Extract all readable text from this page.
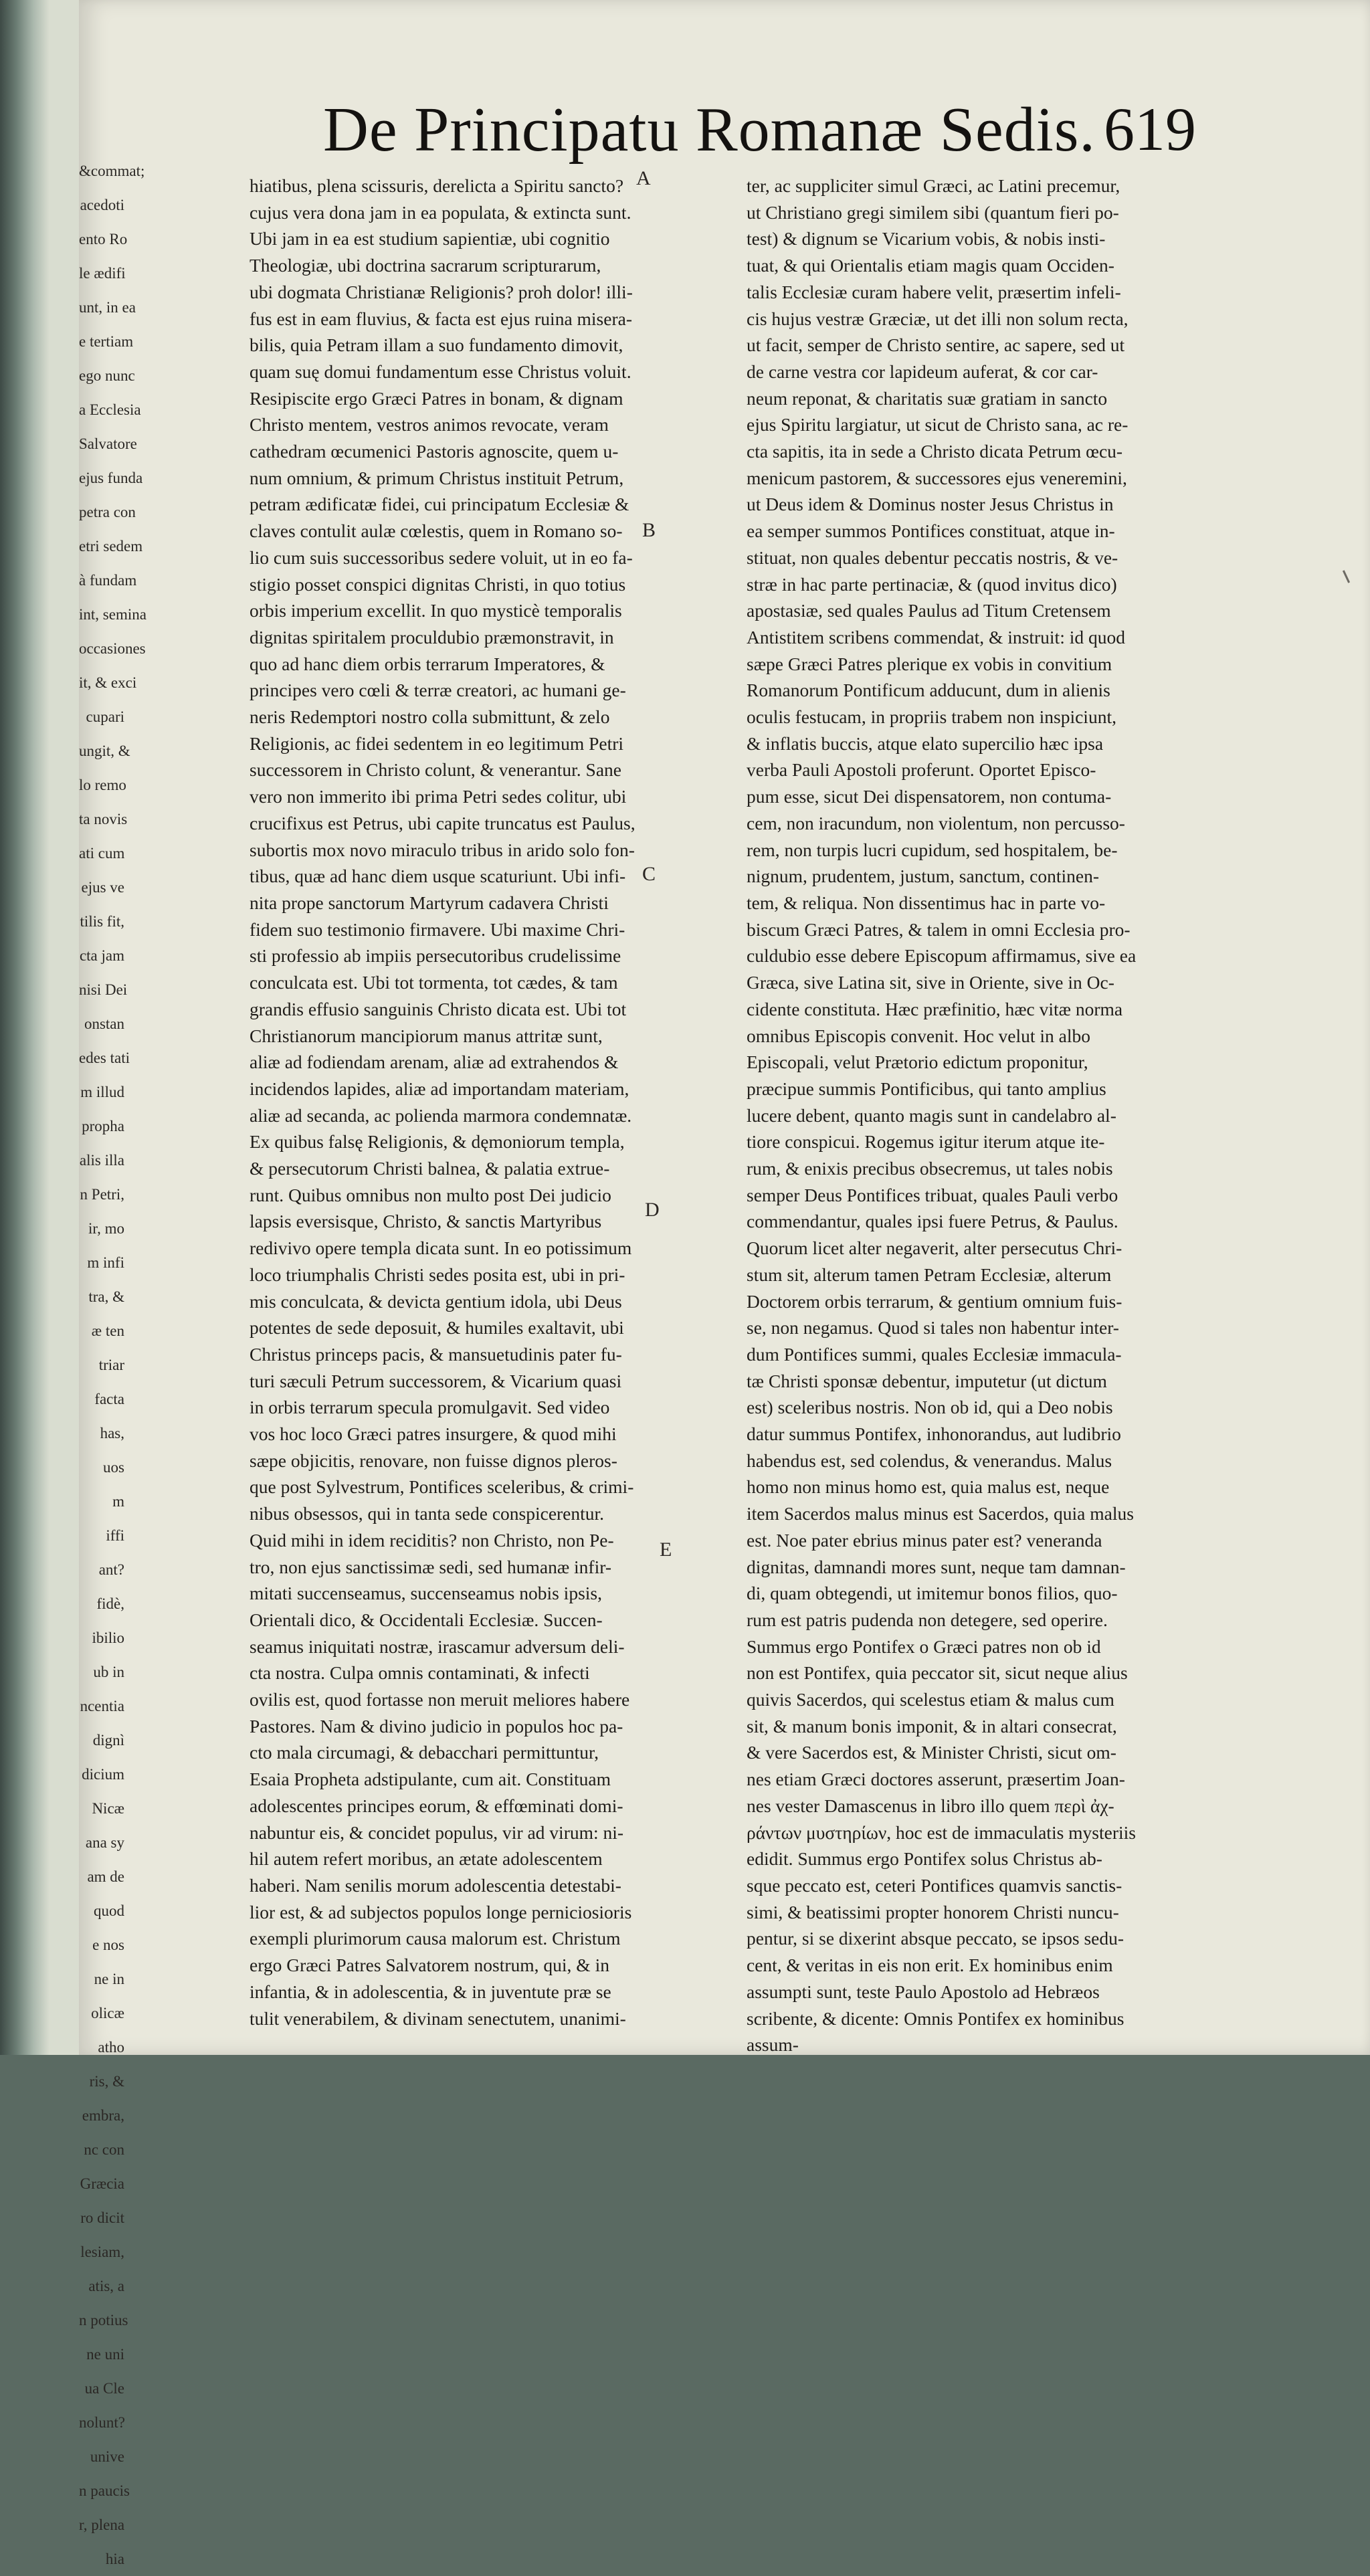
&commat;
acedoti
ento Ro
le ædifi
unt, in ea
e tertiam
ego nunc
a Ecclesia
Salvatore
ejus funda
petra con
etri sedem
à fundam
int, semina
occasiones
it, & exci
cupari
ungit, &
lo remo
ta novis
ati cum
ejus ve
tilis fit,
cta jam
nisi Dei
onstan
edes tati
m illud
propha
alis illa
n Petri,
ir, mo
m infi
tra, &
æ ten
triar
facta
has,
uos
m
iffi
ant?
fidè,
ibilio
ub in
ncentia
dignì
dicium
Nicæ
ana sy
am de
quod
e nos
ne in
olicæ
atho
ris, &
embra,
nc con
Græcia
ro dicit
lesiam,
atis, a
n potius
ne uni
ua Cle
nolunt?
unive
n paucis
r, plena
hia
De Principatu Romanæ Sedis. 619

hiatibus, plena scissuris, derelicta a Spiritu sancto?

cujus vera dona jam in ea populata, & extincta sunt.

Ubi jam in ea est studium sapientiæ, ubi cognitio

Theologiæ, ubi doctrina sacrarum scripturarum,

ubi dogmata Christianæ Religionis? proh dolor! illi-

fus est in eam fluvius, & facta est ejus ruina misera-

bilis, quia Petram illam a suo fundamento dimovit,

quam suę domui fundamentum esse Christus voluit.

Resipiscite ergo Græci Patres in bonam, & dignam

Christo mentem, vestros animos revocate, veram

cathedram œcumenici Pastoris agnoscite, quem u-

num omnium, & primum Christus instituit Petrum,

petram ædificatæ fidei, cui principatum Ecclesiæ &

claves contulit aulæ cœlestis, quem in Romano so-

lio cum suis successoribus sedere voluit, ut in eo fa-

stigio posset conspici dignitas Christi, in quo totius

orbis imperium excellit. In quo mysticè temporalis

dignitas spiritalem proculdubio præmonstravit, in

quo ad hanc diem orbis terrarum Imperatores, &

principes vero cœli & terræ creatori, ac humani ge-

neris Redemptori nostro colla submittunt, & zelo

Religionis, ac fidei sedentem in eo legitimum Petri

successorem in Christo colunt, & venerantur. Sane

vero non immerito ibi prima Petri sedes colitur, ubi

crucifixus est Petrus, ubi capite truncatus est Paulus,

subortis mox novo miraculo tribus in arido solo fon-

tibus, quæ ad hanc diem usque scaturiunt. Ubi infi-

nita prope sanctorum Martyrum cadavera Christi

fidem suo testimonio firmavere. Ubi maxime Chri-

sti professio ab impiis persecutoribus crudelissime

conculcata est. Ubi tot tormenta, tot cædes, & tam

grandis effusio sanguinis Christo dicata est. Ubi tot

Christianorum mancipiorum manus attritæ sunt,

aliæ ad fodiendam arenam, aliæ ad extrahendos &

incidendos lapides, aliæ ad importandam materiam,

aliæ ad secanda, ac polienda marmora condemnatæ.

Ex quibus falsę Religionis, & dęmoniorum templa,

& persecutorum Christi balnea, & palatia extrue-

runt. Quibus omnibus non multo post Dei judicio

lapsis eversisque, Christo, & sanctis Martyribus

redivivo opere templa dicata sunt. In eo potissimum

loco triumphalis Christi sedes posita est, ubi in pri-

mis conculcata, & devicta gentium idola, ubi Deus

potentes de sede deposuit, & humiles exaltavit, ubi

Christus princeps pacis, & mansuetudinis pater fu-

turi sæculi Petrum successorem, & Vicarium quasi

in orbis terrarum specula promulgavit. Sed video

vos hoc loco Græci patres insurgere, & quod mihi

sæpe objicitis, renovare, non fuisse dignos pleros-

que post Sylvestrum, Pontifices sceleribus, & crimi-

nibus obsessos, qui in tanta sede conspicerentur.

Quid mihi in idem reciditis? non Christo, non Pe-

tro, non ejus sanctissimæ sedi, sed humanæ infir-

mitati succenseamus, succenseamus nobis ipsis,

Orientali dico, & Occidentali Ecclesiæ. Succen-

seamus iniquitati nostræ, irascamur adversum deli-

cta nostra. Culpa omnis contaminati, & infecti

ovilis est, quod fortasse non meruit meliores habere

Pastores. Nam & divino judicio in populos hoc pa-

cto mala circumagi, & debacchari permittuntur,

Esaia Propheta adstipulante, cum ait. Constituam

adolescentes principes eorum, & effœminati domi-

nabuntur eis, & concidet populus, vir ad virum: ni-

hil autem refert moribus, an ætate adolescentem

haberi. Nam senilis morum adolescentia detestabi-

lior est, & ad subjectos populos longe perniciosioris

exempli plurimorum causa malorum est. Christum

ergo Græci Patres Salvatorem nostrum, qui, & in

infantia, & in adolescentia, & in juventute præ se

tulit venerabilem, & divinam senectutem, unanimi-

ter, ac suppliciter simul Græci, ac Latini precemur,

ut Christiano gregi similem sibi (quantum fieri po-

test) & dignum se Vicarium vobis, & nobis insti-

tuat, & qui Orientalis etiam magis quam Occiden-

talis Ecclesiæ curam habere velit, præsertim infeli-

cis hujus vestræ Græciæ, ut det illi non solum recta,

ut facit, semper de Christo sentire, ac sapere, sed ut

de carne vestra cor lapideum auferat, & cor car-

neum reponat, & charitatis suæ gratiam in sancto

ejus Spiritu largiatur, ut sicut de Christo sana, ac re-

cta sapitis, ita in sede a Christo dicata Petrum œcu-

menicum pastorem, & successores ejus veneremini,

ut Deus idem & Dominus noster Jesus Christus in

ea semper summos Pontifices constituat, atque in-

stituat, non quales debentur peccatis nostris, & ve-

stræ in hac parte pertinaciæ, & (quod invitus dico)

apostasiæ, sed quales Paulus ad Titum Cretensem

Antistitem scribens commendat, & instruit: id quod

sæpe Græci Patres plerique ex vobis in convitium

Romanorum Pontificum adducunt, dum in alienis

oculis festucam, in propriis trabem non inspiciunt,

& inflatis buccis, atque elato supercilio hæc ipsa

verba Pauli Apostoli proferunt. Oportet Episco-

pum esse, sicut Dei dispensatorem, non contuma-

cem, non iracundum, non violentum, non percusso-

rem, non turpis lucri cupidum, sed hospitalem, be-

nignum, prudentem, justum, sanctum, continen-

tem, & reliqua. Non dissentimus hac in parte vo-

biscum Græci Patres, & talem in omni Ecclesia pro-

culdubio esse debere Episcopum affirmamus, sive ea

Græca, sive Latina sit, sive in Oriente, sive in Oc-

cidente constituta. Hæc præfinitio, hæc vitæ norma

omnibus Episcopis convenit. Hoc velut in albo

Episcopali, velut Prætorio edictum proponitur,

præcipue summis Pontificibus, qui tanto amplius

lucere debent, quanto magis sunt in candelabro al-

tiore conspicui. Rogemus igitur iterum atque ite-

rum, & enixis precibus obsecremus, ut tales nobis

semper Deus Pontifices tribuat, quales Pauli verbo

commendantur, quales ipsi fuere Petrus, & Paulus.

Quorum licet alter negaverit, alter persecutus Chri-

stum sit, alterum tamen Petram Ecclesiæ, alterum

Doctorem orbis terrarum, & gentium omnium fuis-

se, non negamus. Quod si tales non habentur inter-

dum Pontifices summi, quales Ecclesiæ immacula-

tæ Christi sponsæ debentur, imputetur (ut dictum

est) sceleribus nostris. Non ob id, qui a Deo nobis

datur summus Pontifex, inhonorandus, aut ludibrio

habendus est, sed colendus, & venerandus. Malus

homo non minus homo est, quia malus est, neque

item Sacerdos malus minus est Sacerdos, quia malus

est. Noe pater ebrius minus pater est? veneranda

dignitas, damnandi mores sunt, neque tam damnan-

di, quam obtegendi, ut imitemur bonos filios, quo-

rum est patris pudenda non detegere, sed operire.

Summus ergo Pontifex o Græci patres non ob id

non est Pontifex, quia peccator sit, sicut neque alius

quivis Sacerdos, qui scelestus etiam & malus cum

sit, & manum bonis imponit, & in altari consecrat,

& vere Sacerdos est, & Minister Christi, sicut om-

nes etiam Græci doctores asserunt, præsertim Joan-

nes vester Damascenus in libro illo quem περὶ ἀχ-

ράντων μυστηρίων, hoc est de immaculatis mysteriis

edidit. Summus ergo Pontifex solus Christus ab-

sque peccato est, ceteri Pontifices quamvis sanctis-

simi, & beatissimi propter honorem Christi nuncu-

pentur, si se dixerint absque peccato, se ipsos sedu-

cent, & veritas in eis non erit. Ex hominibus enim

assumpti sunt, teste Paulo Apostolo ad Hebræos

scribente, & dicente: Omnis Pontifex ex hominibus

assum-

A
B
C
D
E
